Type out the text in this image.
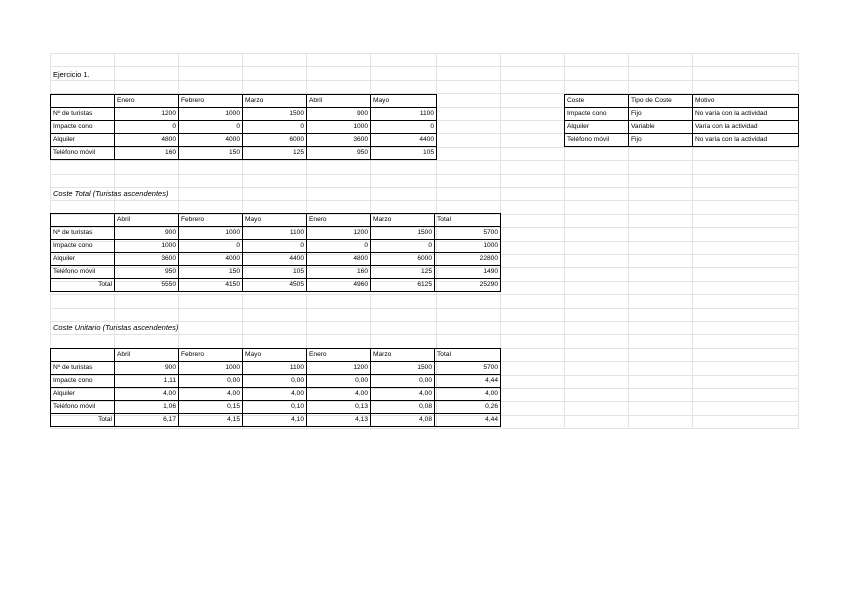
Ejercicio 1.
	Enero	Febrero	Marzo	Abril	Mayo
Nº de turistas	1200	1000	1500	900	1100
Impacte cono	0	0	0	1000	0
Alquiler	4800	4000	6000	3600	4400
Teléfono móvil	160	150	125	950	105
Coste	Tipo de Coste	Motivo
Impacte cono	Fijo	No varía con la actividad
Alquiler	Variable	Varía con la actividad
Teléfono móvil	Fijo	No varía con la actividad
Coste Total (Turistas ascendentes)
	Abril	Febrero	Mayo	Enero	Marzo	Total
Nº de turistas	900	1000	1100	1200	1500	5700
Impacte cono	1000	0	0	0	0	1000
Alquiler	3600	4000	4400	4800	6000	22800
Teléfono móvil	950	150	105	160	125	1490
Total	5550	4150	4505	4960	6125	25290
Coste Unitario (Turistas ascendentes)
	Abril	Febrero	Mayo	Enero	Marzo	Total
Nº de turistas	900	1000	1100	1200	1500	5700
Impacte cono	1,11	0,00	0,00	0,00	0,00	4,44
Alquiler	4,00	4,00	4,00	4,00	4,00	4,00
Teléfono móvil	1,06	0,15	0,10	0,13	0,08	0,26
Total	6,17	4,15	4,10	4,13	4,08	4,44
